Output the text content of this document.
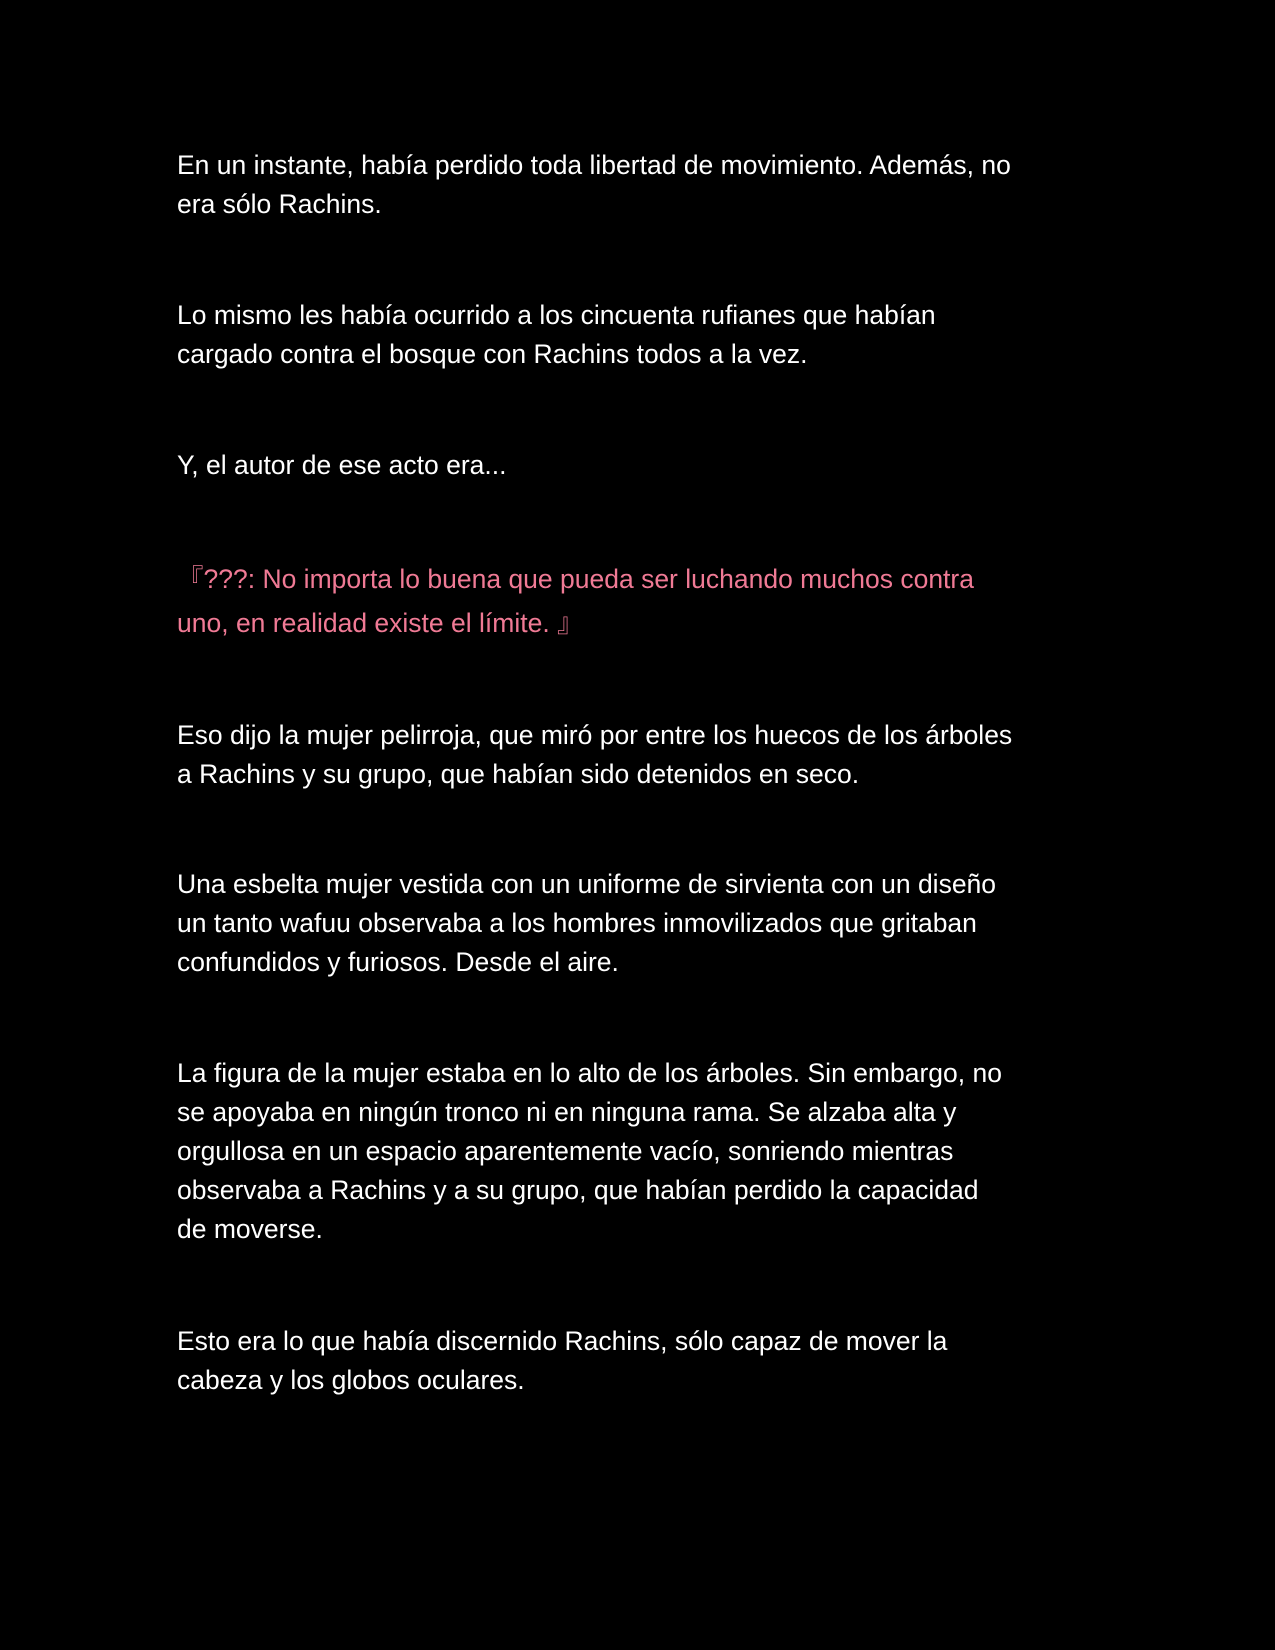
En un instante, había perdido toda libertad de movimiento. Además, no
era sólo Rachins.

Lo mismo les había ocurrido a los cincuenta rufianes que habían
cargado contra el bosque con Rachins todos a la vez.

Y, el autor de ese acto era...

『???: No importa lo buena que pueda ser luchando muchos contra
uno, en realidad existe el límite. 』

Eso dijo la mujer pelirroja, que miró por entre los huecos de los árboles
a Rachins y su grupo, que habían sido detenidos en seco.

Una esbelta mujer vestida con un uniforme de sirvienta con un diseño
un tanto wafuu observaba a los hombres inmovilizados que gritaban
confundidos y furiosos. Desde el aire.

La figura de la mujer estaba en lo alto de los árboles. Sin embargo, no
se apoyaba en ningún tronco ni en ninguna rama. Se alzaba alta y
orgullosa en un espacio aparentemente vacío, sonriendo mientras
observaba a Rachins y a su grupo, que habían perdido la capacidad
de moverse.

Esto era lo que había discernido Rachins, sólo capaz de mover la
cabeza y los globos oculares.
